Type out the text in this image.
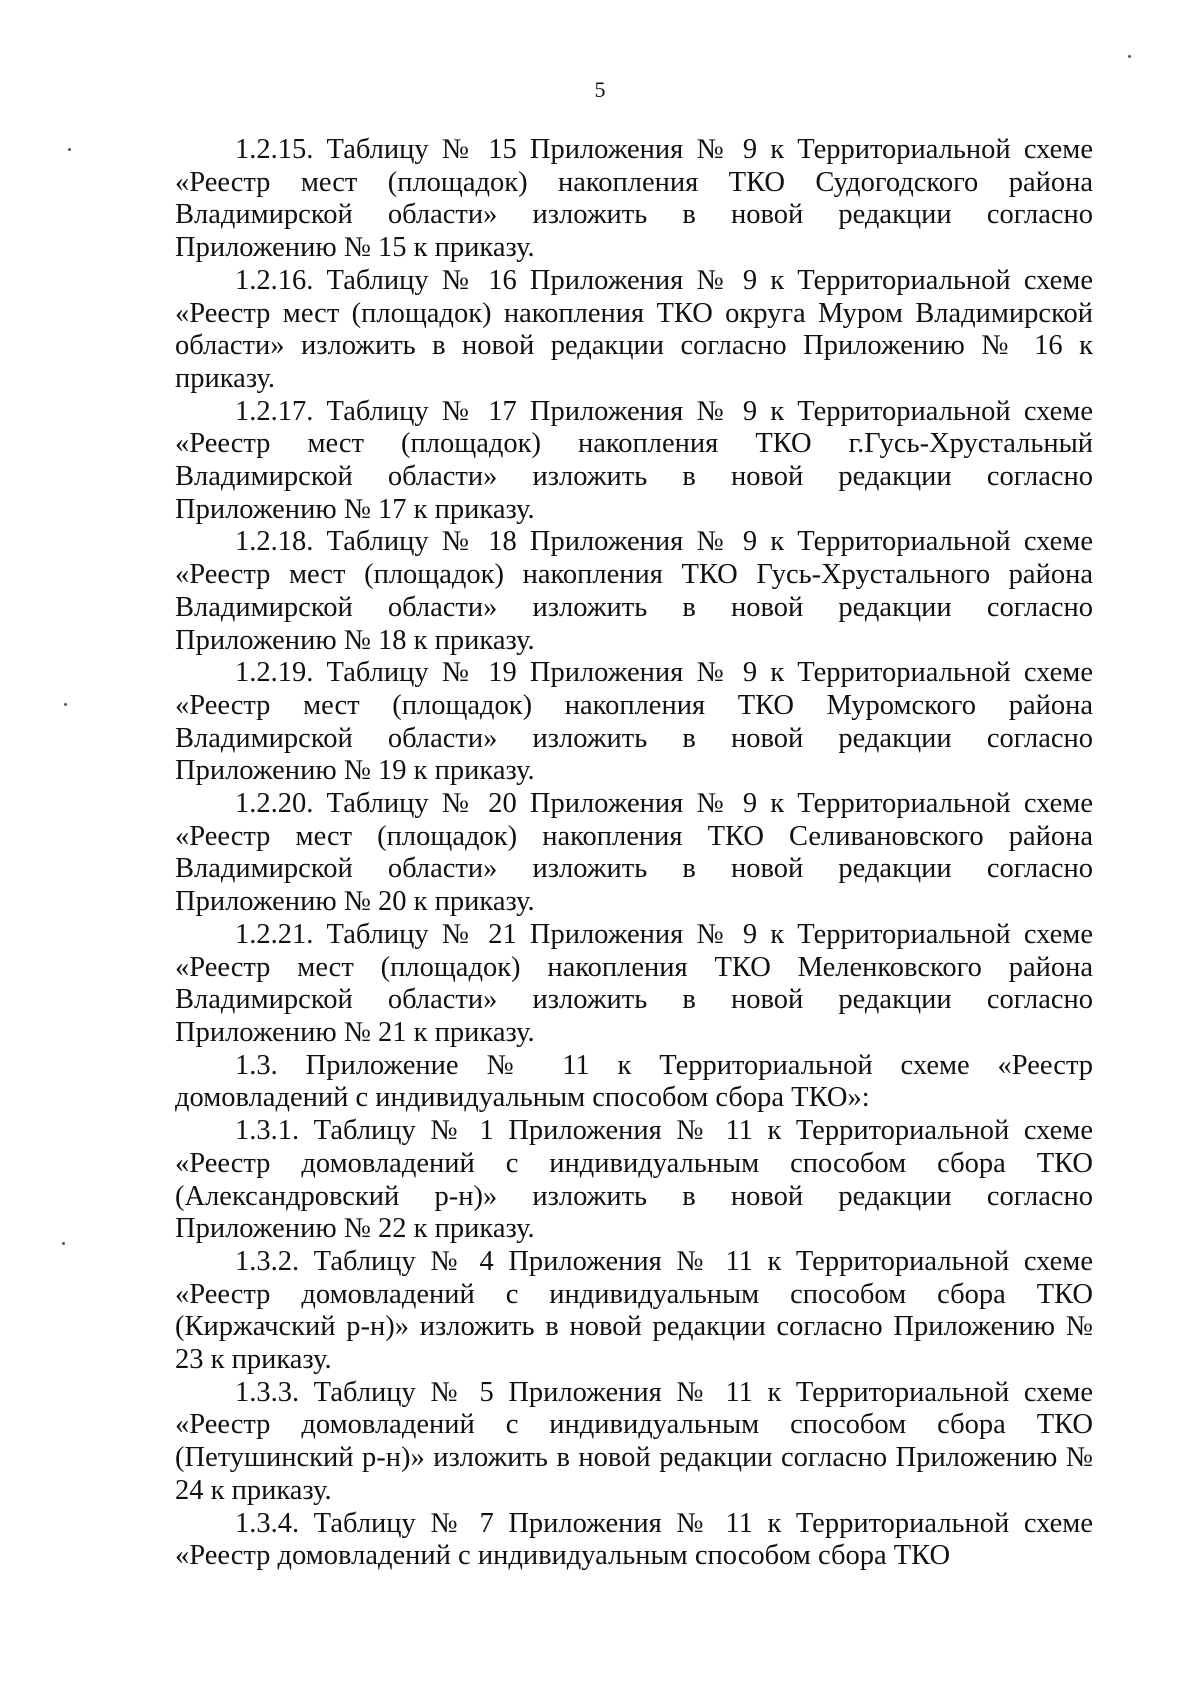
5

1.2.15. Таблицу № 15 Приложения № 9 к Территориальной схеме «Реестр мест (площадок) накопления ТКО Судогодского района Владимирской области» изложить в новой редакции согласно Приложению № 15 к приказу.

1.2.16. Таблицу № 16 Приложения № 9 к Территориальной схеме «Реестр мест (площадок) накопления ТКО округа Муром Владимирской области» изложить в новой редакции согласно Приложению № 16 к приказу.

1.2.17. Таблицу № 17 Приложения № 9 к Территориальной схеме «Реестр мест (площадок) накопления ТКО г.Гусь-Хрустальный Владимирской области» изложить в новой редакции согласно Приложению № 17 к приказу.

1.2.18. Таблицу № 18 Приложения № 9 к Территориальной схеме «Реестр мест (площадок) накопления ТКО Гусь-Хрустального района Владимирской области» изложить в новой редакции согласно Приложению № 18 к приказу.

1.2.19. Таблицу № 19 Приложения № 9 к Территориальной схеме «Реестр мест (площадок) накопления ТКО Муромского района Владимирской области» изложить в новой редакции согласно Приложению № 19 к приказу.

1.2.20. Таблицу № 20 Приложения № 9 к Территориальной схеме «Реестр мест (площадок) накопления ТКО Селивановского района Владимирской области» изложить в новой редакции согласно Приложению № 20 к приказу.

1.2.21. Таблицу № 21 Приложения № 9 к Территориальной схеме «Реестр мест (площадок) накопления ТКО Меленковского района Владимирской области» изложить в новой редакции согласно Приложению № 21 к приказу.

1.3. Приложение № 11 к Территориальной схеме «Реестр домовладений с индивидуальным способом сбора ТКО»:

1.3.1. Таблицу № 1 Приложения № 11 к Территориальной схеме «Реестр домовладений с индивидуальным способом сбора ТКО (Александровский р-н)» изложить в новой редакции согласно Приложению № 22 к приказу.

1.3.2. Таблицу № 4 Приложения № 11 к Территориальной схеме «Реестр домовладений с индивидуальным способом сбора ТКО (Киржачский р-н)» изложить в новой редакции согласно Приложению № 23 к приказу.

1.3.3. Таблицу № 5 Приложения № 11 к Территориальной схеме «Реестр домовладений с индивидуальным способом сбора ТКО (Петушинский р-н)» изложить в новой редакции согласно Приложению № 24 к приказу.

1.3.4. Таблицу № 7 Приложения № 11 к Территориальной схеме «Реестр домовладений с индивидуальным способом сбора ТКО
